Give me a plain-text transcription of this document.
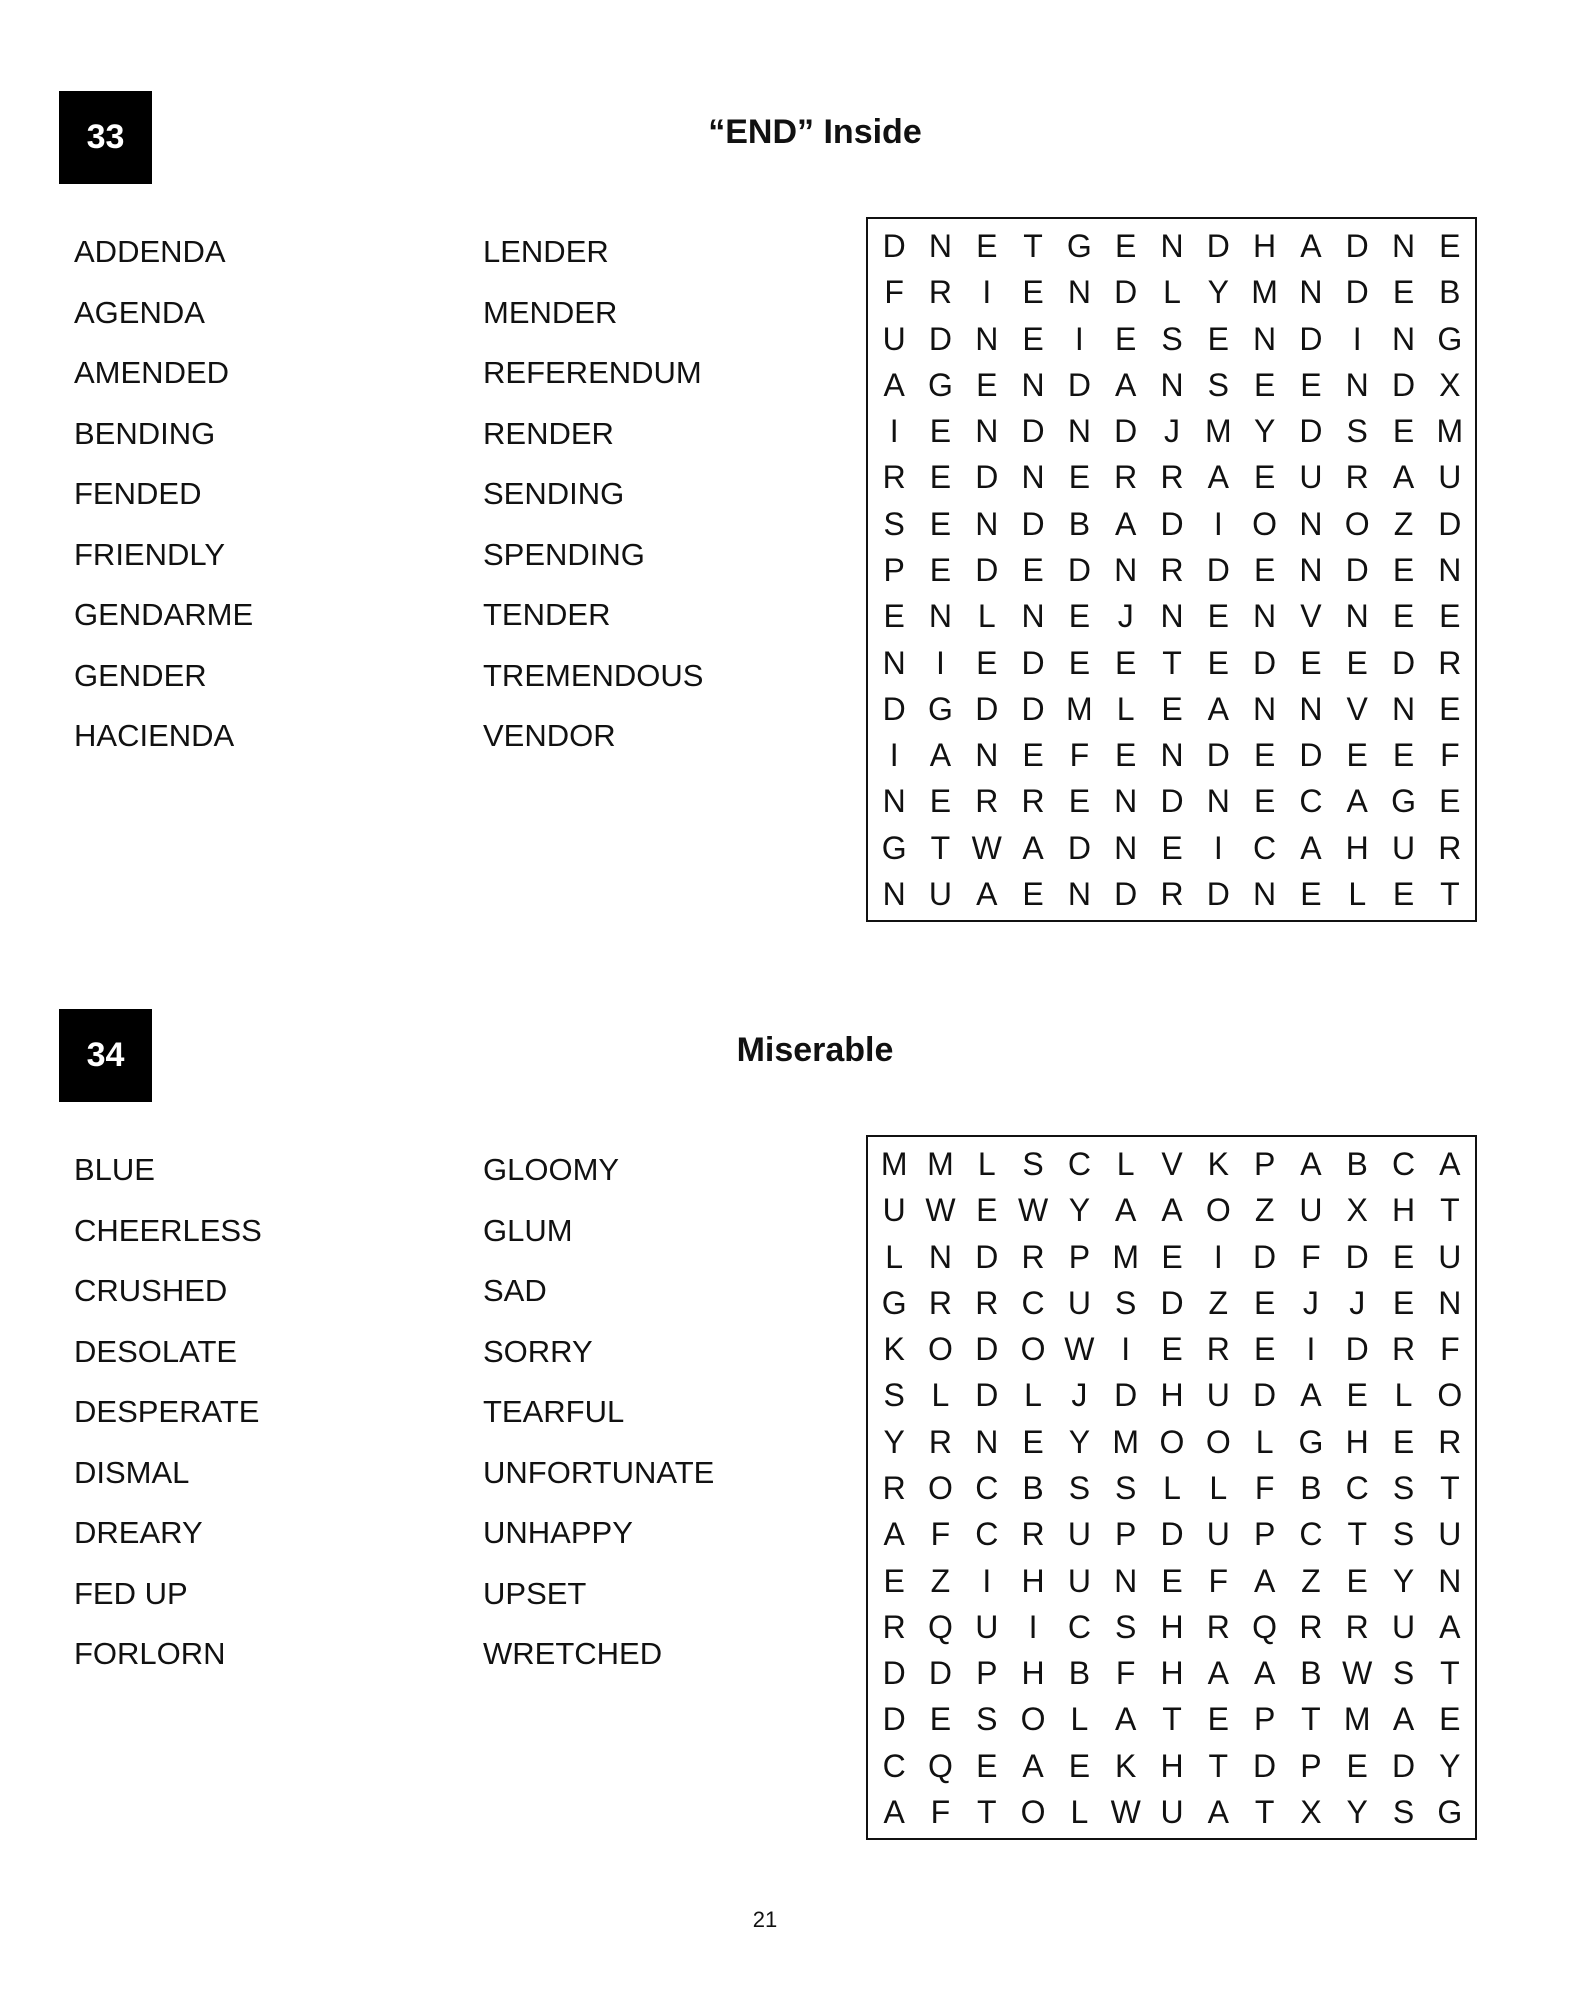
33	“END” Inside
ADDENDA
AGENDA
AMENDED
BENDING
FENDED
FRIENDLY
GENDARME
GENDER
HACIENDA
LENDER
MENDER
REFERENDUM
RENDER
SENDING
SPENDING
TENDER
TREMENDOUS
VENDOR
D N E T G E N D H A D N E
F R I E N D L Y M N D E B
U D N E I E S E N D I N G
A G E N D A N S E E N D X
I E N D N D J M Y D S E M
R E D N E R R A E U R A U
S E N D B A D I O N O Z D
P E D E D N R D E N D E N
E N L N E J N E N V N E E
N I E D E E T E D E E D R
D G D D M L E A N N V N E
I A N E F E N D E D E E F
N E R R E N D N E C A G E
G T W A D N E I C A H U R
N U A E N D R D N E L E T
34	Miserable
BLUE
CHEERLESS
CRUSHED
DESOLATE
DESPERATE
DISMAL
DREARY
FED UP
FORLORN
GLOOMY
GLUM
SAD
SORRY
TEARFUL
UNFORTUNATE
UNHAPPY
UPSET
WRETCHED
M M L S C L V K P A B C A
U W E W Y A A O Z U X H T
L N D R P M E I D F D E U
G R R C U S D Z E J J E N
K O D O W I E R E I D R F
S L D L J D H U D A E L O
Y R N E Y M O O L G H E R
R O C B S S L L F B C S T
A F C R U P D U P C T S U
E Z	I H U N E F A Z E Y N
R Q U I C S H R Q R R U A
D D P H B F H A A B W S T
D E S O L A T E P T M A E
C Q E A E K H T D P E D Y
A F T O L W U A T X Y S G
21
